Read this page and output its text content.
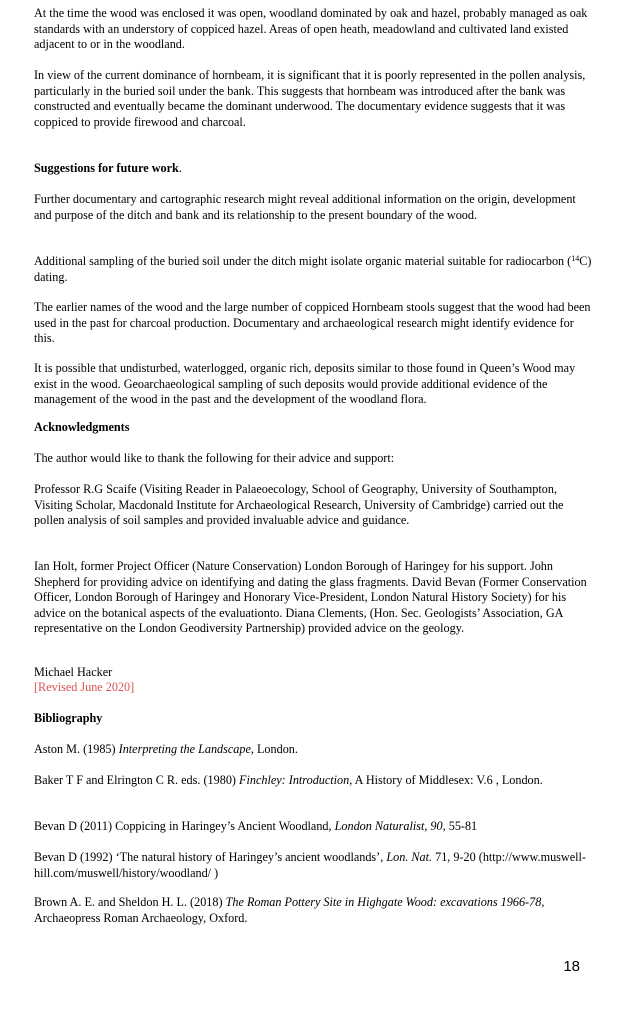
At the time the wood was enclosed it was open, woodland dominated by oak and hazel, probably managed as oak standards with an understory of coppiced hazel. Areas of open heath, meadowland and cultivated land existed adjacent to or in the woodland.

In view of the current dominance of hornbeam, it is significant that it is poorly represented in the pollen analysis, particularly in the buried soil under the bank. This suggests that hornbeam was introduced after the bank was constructed and eventually became the dominant underwood. The documentary evidence suggests that it was coppiced to provide firewood and charcoal.

Suggestions for future work.

Further documentary and cartographic research might reveal additional information on the origin, development and purpose of the ditch and bank and its relationship to the present boundary of the wood.

Additional sampling of the buried soil under the ditch might isolate organic material suitable for radiocarbon ($^{14}$C) dating.

The earlier names of the wood and the large number of coppiced Hornbeam stools suggest that the wood had been used in the past for charcoal production. Documentary and archaeological research might identify evidence for this.

It is possible that undisturbed, waterlogged, organic rich, deposits similar to those found in Queen’s Wood may exist in the wood. Geoarchaeological sampling of such deposits would provide additional evidence of the management of the wood in the past and the development of the woodland flora.

Acknowledgments

The author would like to thank the following for their advice and support:

Professor R.G Scaife (Visiting Reader in Palaeoecology, School of Geography, University of Southampton, Visiting Scholar, Macdonald Institute for Archaeological Research, University of Cambridge) carried out the pollen analysis of soil samples and provided invaluable advice and guidance.

Ian Holt, former Project Officer (Nature Conservation) London Borough of Haringey for his support. John Shepherd for providing advice on identifying and dating the glass fragments. David Bevan (Former Conservation Officer, London Borough of Haringey and Honorary Vice-President, London Natural History Society) for his advice on the botanical aspects of the evaluationto. Diana Clements, (Hon. Sec. Geologists’ Association, GA representative on the London Geodiversity Partnership) provided advice on the geology.

Michael Hacker

[Revised June 2020]

Bibliography

Aston M. (1985) Interpreting the Landscape, London.

Baker T F and Elrington C R. eds. (1980) Finchley: Introduction, A History of Middlesex: V.6 , London.

Bevan D (2011) Coppicing in Haringey’s Ancient Woodland, London Naturalist, 90, 55-81

Bevan D (1992) ‘The natural history of Haringey’s ancient woodlands’, Lon. Nat. 71, 9-20 (http://www.muswell-hill.com/muswell/history/woodland/ )

Brown A. E. and Sheldon H. L. (2018) The Roman Pottery Site in Highgate Wood: excavations 1966-78, Archaeopress Roman Archaeology, Oxford.

18
